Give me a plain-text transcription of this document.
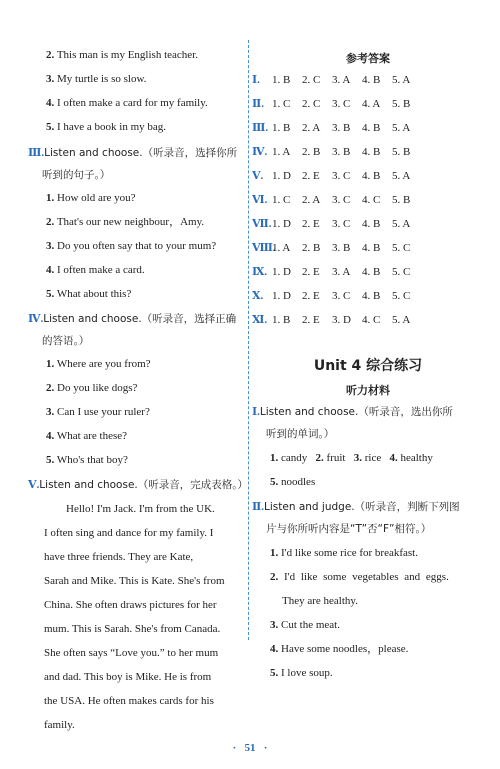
2. This man is my English teacher.
3. My turtle is so slow.
4. I often make a card for my family.
5. I have a book in my bag.
Ⅲ.Listen and choose.（听录音，选择你所
听到的句子。）
1. How old are you?
2. That's our new neighbour，Amy.
3. Do you often say that to your mum?
4. I often make a card.
5. What about this?
Ⅳ.Listen and choose.（听录音，选择正确
的答语。）
1. Where are you from?
2. Do you like dogs?
3. Can I use your ruler?
4. What are these?
5. Who's that boy?
Ⅴ.Listen and choose.（听录音，完成表格。）
Hello! I'm Jack. I'm from the UK.
I often sing and dance for my family. I
have three friends. They are Kate,
Sarah and Mike. This is Kate. She's from
China. She often draws pictures for her
mum. This is Sarah. She's from Canada.
She often says “Love you.” to her mum
and dad. This boy is Mike. He is from
the USA. He often makes cards for his
family.
参考答案
Ⅰ. 1. B 2. C 3. A 4. B 5. A
Ⅱ. 1. C 2. C 3. C 4. A 5. B
Ⅲ. 1. B 2. A 3. B 4. B 5. A
Ⅳ. 1. A 2. B 3. B 4. B 5. B
Ⅴ. 1. D 2. E 3. C 4. B 5. A
Ⅵ. 1. C 2. A 3. C 4. C 5. B
Ⅶ.1. D 2. E 3. C 4. B 5. A
Ⅷ.1. A 2. B 3. B 4. B 5. C
Ⅸ. 1. D 2. E 3. A 4. B 5. C
Ⅹ. 1. D 2. E 3. C 4. B 5. C
Ⅺ. 1. B 2. E 3. D 4. C 5. A
Unit 4 综合练习
听力材料
Ⅰ.Listen and choose.（听录音，选出你所
听到的单词。）
1. candy 2. fruit 3. rice 4. healthy
5. noodles
Ⅱ.Listen and judge.（听录音，判断下列图
片与你所听内容是“T”否“F”相符。）
1. I'd like some rice for breakfast.
2. I'd like some vegetables and eggs.
They are healthy.
3. Cut the meat.
4. Have some noodles，please.
5. I love soup.
· 51 ·
